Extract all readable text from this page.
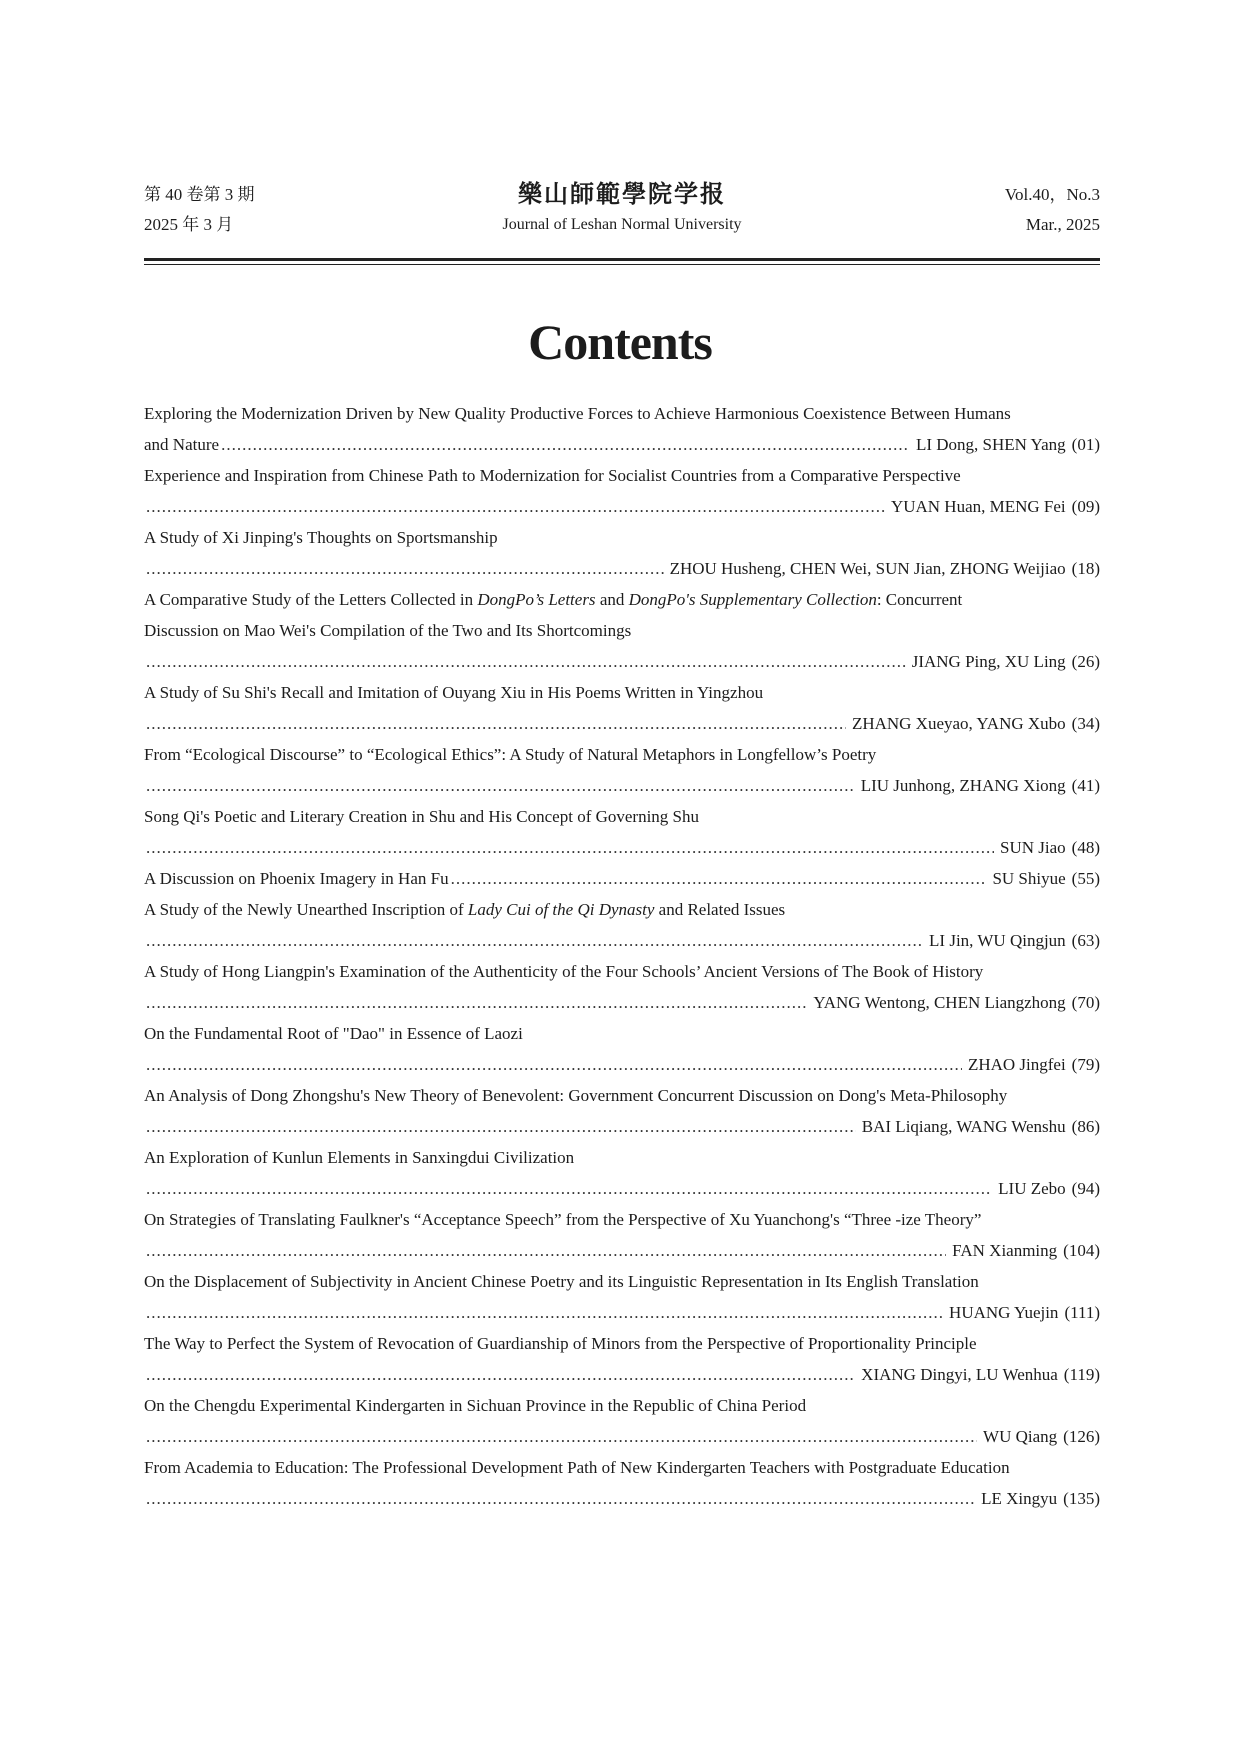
第 40 卷第 3 期
2025 年 3 月
樂山師範學院学报
Journal of Leshan Normal University
Vol.40，No.3
Mar., 2025
Contents
Exploring the Modernization Driven by New Quality Productive Forces to Achieve Harmonious Coexistence Between Humans
and Nature .....	LI Dong, SHEN Yang (01)
Experience and Inspiration from Chinese Path to Modernization for Socialist Countries from a Comparative Perspective
.....
YUAN Huan, MENG Fei (09)
A Study of Xi Jinping's Thoughts on Sportsmanship
.....
ZHOU Husheng, CHEN Wei, SUN Jian, ZHONG Weijiao (18)
A Comparative Study of the Letters Collected in DongPo’s Letters and DongPo's Supplementary Collection: Concurrent
Discussion on Mao Wei's Compilation of the Two and Its Shortcomings
.....
JIANG Ping, XU Ling (26)
A Study of Su Shi's Recall and Imitation of Ouyang Xiu in His Poems Written in Yingzhou
.....
ZHANG Xueyao, YANG Xubo (34)
From “Ecological Discourse” to “Ecological Ethics”: A Study of Natural Metaphors in Longfellow’s Poetry
.....
LIU Junhong, ZHANG Xiong (41)
Song Qi's Poetic and Literary Creation in Shu and His Concept of Governing Shu
.....
SUN Jiao (48)
A Discussion on Phoenix Imagery in Han Fu .....	SU Shiyue (55)
A Study of the Newly Unearthed Inscription of Lady Cui of the Qi Dynasty and Related Issues
.....
LI Jin, WU Qingjun (63)
A Study of Hong Liangpin's Examination of the Authenticity of the Four Schools’ Ancient Versions of The Book of History
.....
YANG Wentong, CHEN Liangzhong (70)
On the Fundamental Root of "Dao" in Essence of Laozi
.....
ZHAO Jingfei (79)
An Analysis of Dong Zhongshu's New Theory of Benevolent: Government Concurrent Discussion on Dong's Meta-Philosophy
.....
BAI Liqiang, WANG Wenshu (86)
An Exploration of Kunlun Elements in Sanxingdui Civilization
.....
LIU Zebo (94)
On Strategies of Translating Faulkner's “Acceptance Speech” from the Perspective of Xu Yuanchong's “Three -ize Theory”
.....
FAN Xianming (104)
On the Displacement of Subjectivity in Ancient Chinese Poetry and its Linguistic Representation in Its English Translation
.....
HUANG Yuejin (111)
The Way to Perfect the System of Revocation of Guardianship of Minors from the Perspective of Proportionality Principle
.....
XIANG Dingyi, LU Wenhua (119)
On the Chengdu Experimental Kindergarten in Sichuan Province in the Republic of China Period
.....
WU Qiang (126)
From Academia to Education: The Professional Development Path of New Kindergarten Teachers with Postgraduate Education
.....
LE Xingyu (135)
